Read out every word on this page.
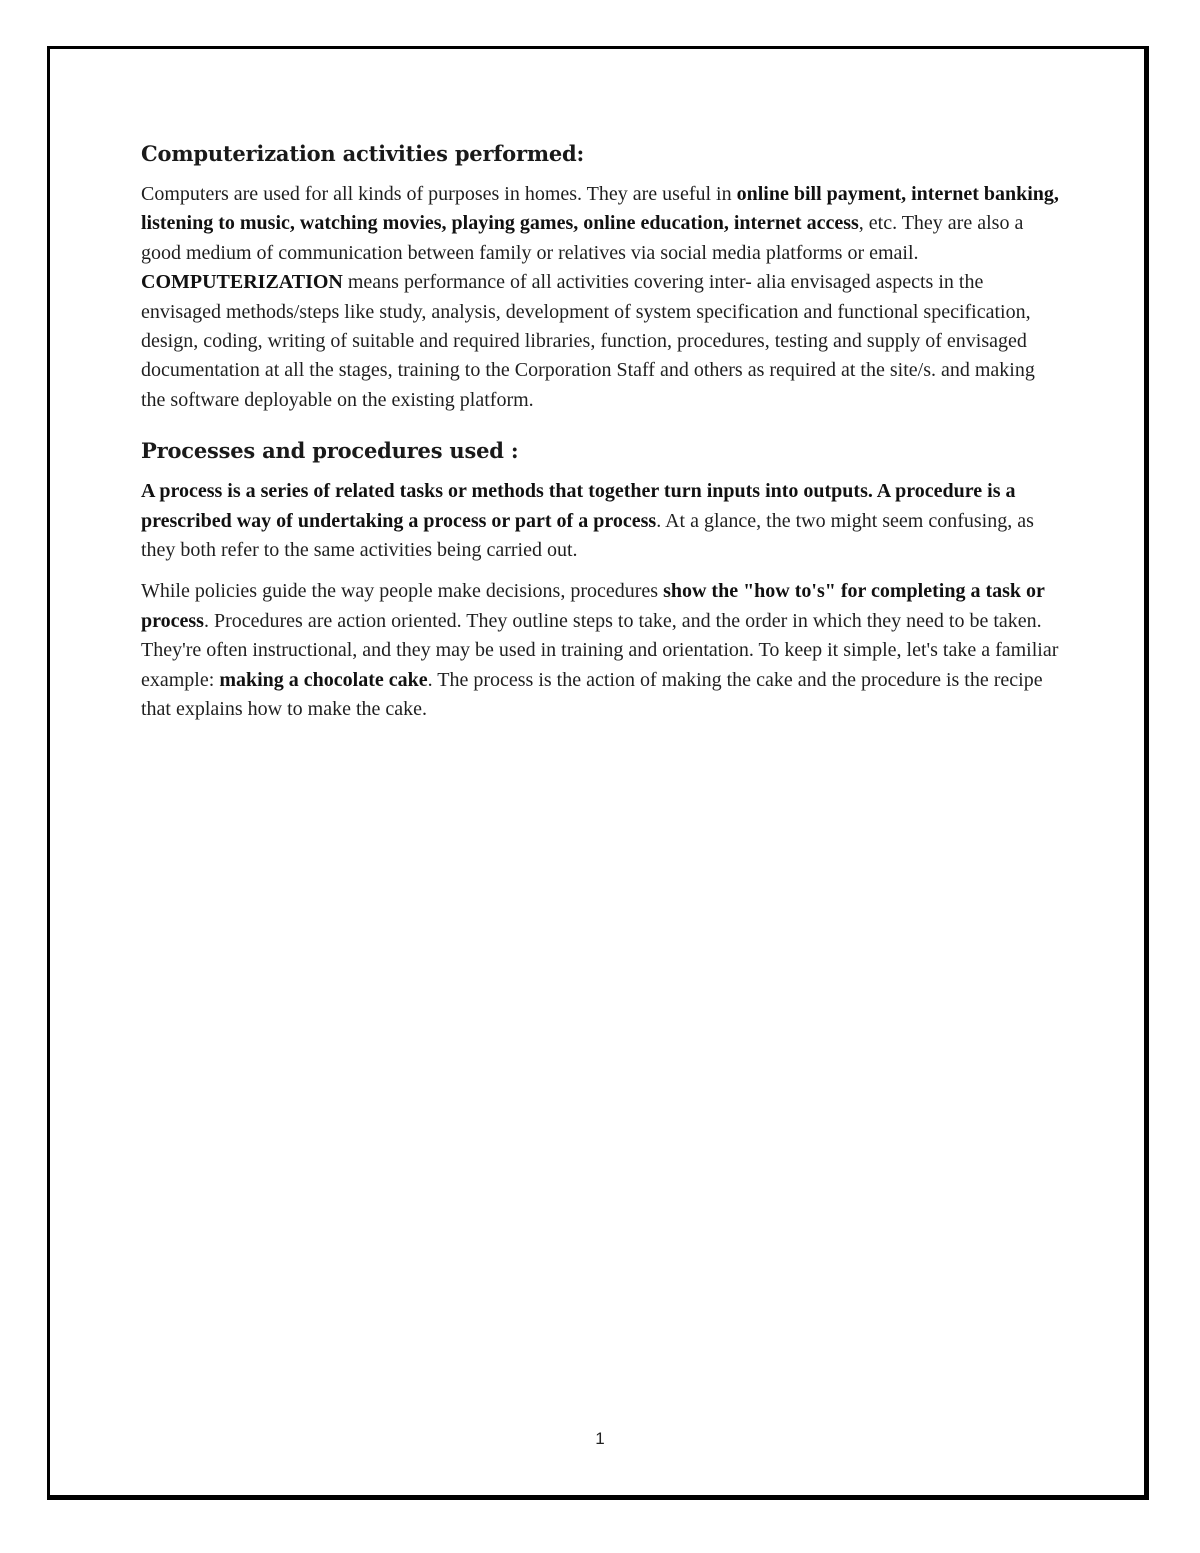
Computerization activities performed:

Computers are used for all kinds of purposes in homes. They are useful in online bill payment, internet banking, listening to music, watching movies, playing games, online education, internet access, etc. They are also a good medium of communication between family or relatives via social media platforms or email. COMPUTERIZATION means performance of all activities covering inter- alia envisaged aspects in the envisaged methods/steps like study, analysis, development of system specification and functional specification, design, coding, writing of suitable and required libraries, function, procedures, testing and supply of envisaged documentation at all the stages, training to the Corporation Staff and others as required at the site/s. and making the software deployable on the existing platform.

Processes and procedures used :

A process is a series of related tasks or methods that together turn inputs into outputs. A procedure is a prescribed way of undertaking a process or part of a process. At a glance, the two might seem confusing, as they both refer to the same activities being carried out.

While policies guide the way people make decisions, procedures show the "how to's" for completing a task or process. Procedures are action oriented. They outline steps to take, and the order in which they need to be taken. They're often instructional, and they may be used in training and orientation. To keep it simple, let's take a familiar example: making a chocolate cake. The process is the action of making the cake and the procedure is the recipe that explains how to make the cake.

1
